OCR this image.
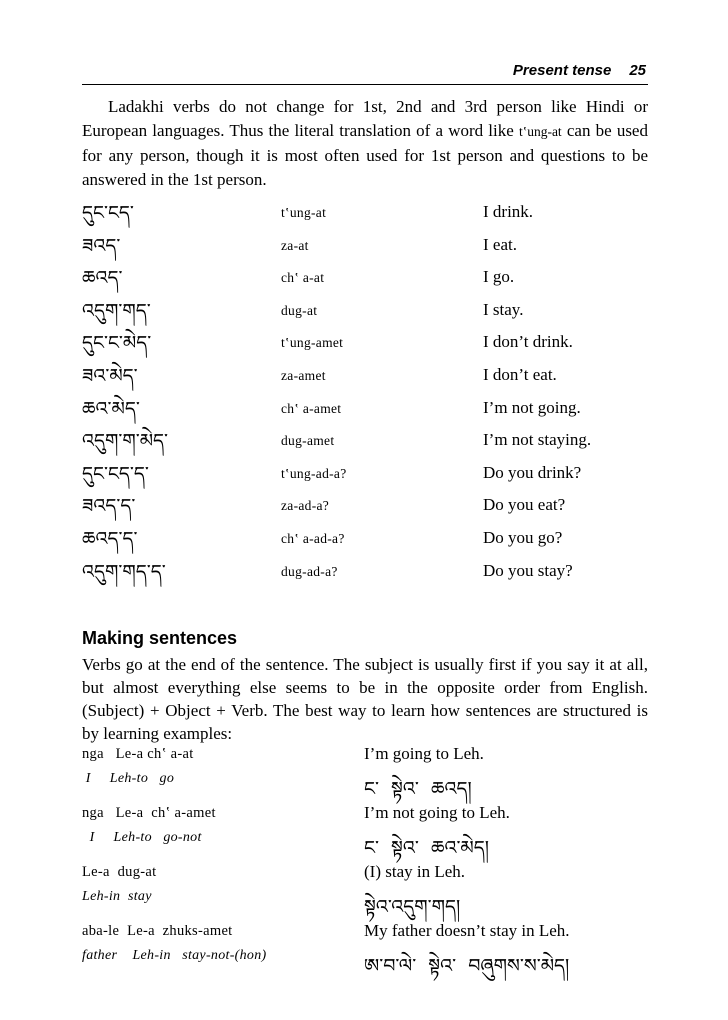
Present tense 25

Ladakhi verbs do not change for 1st, 2nd and 3rd person like Hindi or European languages. Thus the literal translation of a word like tʽung-at can be used for any person, though it is most often used for 1st person and questions to be answered in the 1st person.

དུང་ངད་	tʽung-at	I drink.
ཟའད་	za-at	I eat.
ཆའད་	chʽ a-at	I go.
འདུག་གད་	dug-at	I stay.
དུང་ང་མེད་	tʽung-amet	I don’t drink.
ཟའ་མེད་	za-amet	I don’t eat.
ཆའ་མེད་	chʽ a-amet	I’m not going.
འདུག་ག་མེད་	dug-amet	I’m not staying.
དུང་ངད་ད་	tʽung-ad-a?	Do you drink?
ཟའད་ད་	za-ad-a?	Do you eat?
ཆའད་ད་	chʽ a-ad-a?	Do you go?
འདུག་གད་ད་	dug-ad-a?	Do you stay?
Making sentences

Verbs go at the end of the sentence. The subject is usually first if you say it at all, but almost everything else seems to be in the opposite order from English. (Subject) + Object + Verb. The best way to learn how sentences are structured is by learning examples:

nga   Le-a chʽ a-at
I     Leh-to   go
I’m going to Leh.
ང་  སྟེའ་  ཆའད།
nga   Le-a  chʽ a-amet
I     Leh-to   go-not
I’m not going to Leh.
ང་  སྟེའ་  ཆའ་མེད།
Le-a  dug-at
Leh-in  stay
(I) stay in Leh.
སྟེའ་འདུག་གད།
aba-le  Le-a  zhuks-amet
father    Leh-in   stay-not-(hon)
My father doesn’t stay in Leh.
ཨ་བ་ལེ་  སྟེའ་  བཞུགས་ས་མེད།
